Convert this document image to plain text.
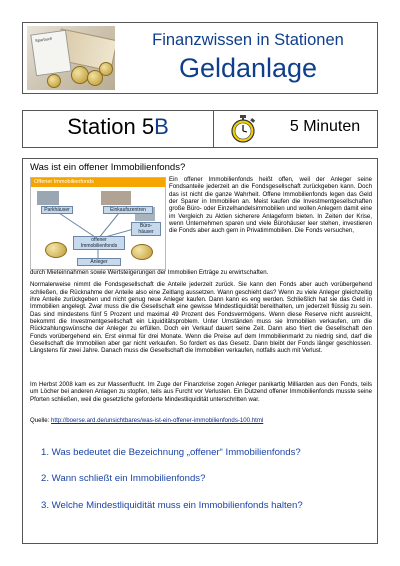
Sparbuch	Finanzwissen in Stationen
Geldanlage
Station 5B	5 Minuten
Was ist ein offener Immobilienfonds?
Offener Immobilienfonds
Parkhäuser	Einkaufszentren
Büro-
häuser
offener
Immobilienfonds
Anleger
Ein offener Immobilienfonds heißt offen, weil der Anleger seine Fondsanteile jederzeit an die Fondsgesellschaft zurückgeben kann. Doch das ist nicht die ganze Wahrheit. Offene Immobilienfonds legen das Geld der Sparer in Immobilien an. Meist kaufen die Investmentgesellschaften große Büro- oder Einzelhandelsimmobilien und wollen Anlegern damit eine im Vergleich zu Aktien sicherere Anlageform bieten. In Zeiten der Krise, wenn Unternehmen sparen und viele Bürohäuser leer stehen, investieren die Fonds aber auch gern in Privatimmobilien. Die Fonds versuchen,

durch Mieteinnahmen sowie Wertsteigerungen der Immobilien Erträge zu erwirtschaften.

Normalerweise nimmt die Fondsgesellschaft die Anteile jederzeit zurück. Sie kann den Fonds aber auch vorübergehend schließen, die Rücknahme der Anteile also eine Zeitlang aussetzen. Wann geschieht das? Wenn zu viele Anleger gleichzeitig ihre Anteile zurückgeben und nicht genug neue Anleger kaufen. Dann kann es eng werden. Schließlich hat sie das Geld in Immobilien angelegt. Zwar muss die die Gesellschaft eine gewisse Mindestliquidität bereithalten, um jederzeit flüssig zu sein. Das sind mindestens fünf 5 Prozent und maximal 49 Prozent des Fondsvermögens. Wenn diese Reserve nicht ausreicht, bekommt die Investmentgesellschaft ein Liquiditätsproblem. Unter Umständen muss sie Immobilien verkaufen, um die Rückzahlungswünsche der Anleger zu erfüllen. Doch ein Verkauf dauert seine Zeit. Dann also friert die Gesellschaft den Fonds vorübergehend ein. Erst einmal für drei Monate. Wenn die Preise auf dem Immobilienmarkt zu niedrig sind, darf die Gesellschaft die Immobilien aber gar nicht verkaufen. So fordert es das Gesetz. Dann bleibt der Fonds länger geschlossen. Längstens für zwei Jahre. Danach muss die Gesellschaft die Immobilien verkaufen, notfalls auch mit Verlust.

Im Herbst 2008 kam es zur Massenflucht. Im Zuge der Finanzkrise zogen Anleger panikartig Milliarden aus den Fonds, teils um Löcher bei anderen Anlagen zu stopfen, teils aus Furcht vor Verlusten. Ein Dutzend offener Immobilienfonds musste seine Pforten schließen, weil die gesetzliche geforderte Mindestliquidität unterschritten war.
Quelle: http://boerse.ard.de/unsichtbares/was-ist-ein-offener-immobilienfonds-100.html
1. Was bedeutet die Bezeichnung „offener“ Immobilienfonds?
2. Wann schließt ein Immobilienfonds?
3. Welche Mindestliquidität muss ein Immobilienfonds halten?
